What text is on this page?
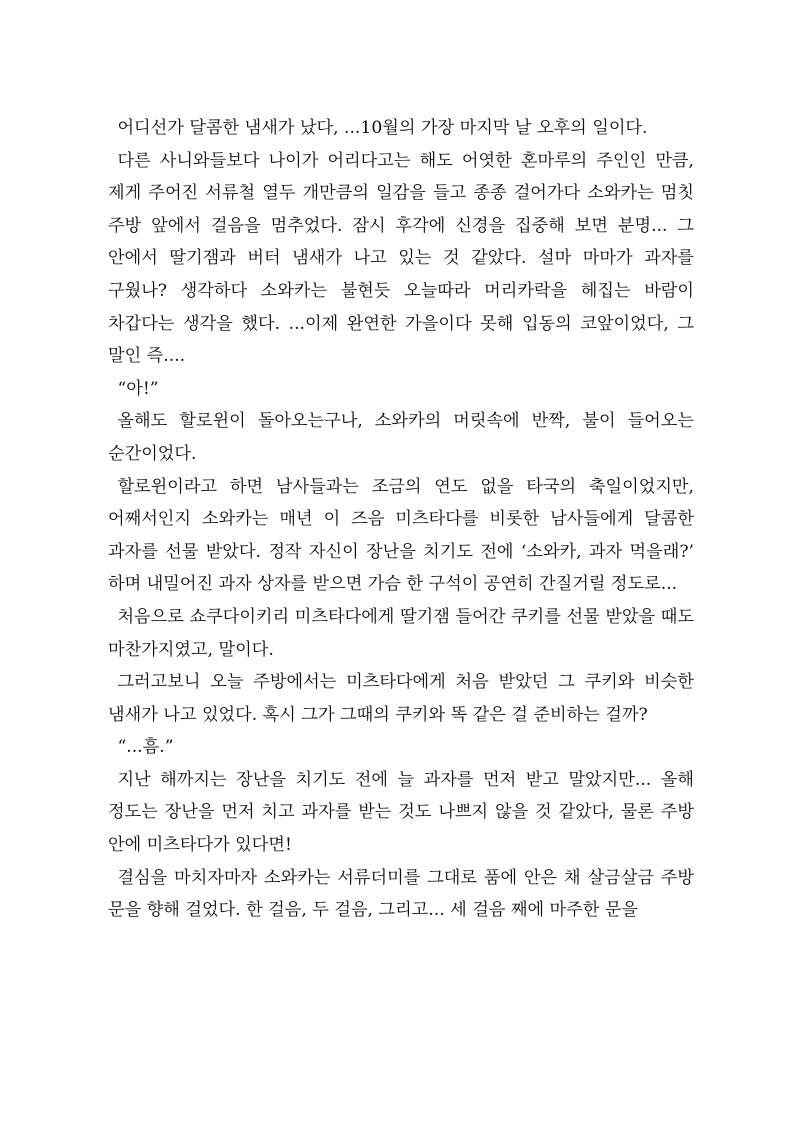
어디선가 달콤한 냄새가 났다, ...10월의 가장 마지막 날 오후의 일이다.

다른 사니와들보다 나이가 어리다고는 해도 어엿한 혼마루의 주인인 만큼, 제게 주어진 서류철 열두 개만큼의 일감을 들고 종종 걸어가다 소와카는 멈칫 주방 앞에서 걸음을 멈추었다. 잠시 후각에 신경을 집중해 보면 분명... 그 안에서 딸기잼과 버터 냄새가 나고 있는 것 같았다. 설마 마마가 과자를 구웠나? 생각하다 소와카는 불현듯 오늘따라 머리카락을 헤집는 바람이 차갑다는 생각을 했다. ...이제 완연한 가을이다 못해 입동의 코앞이었다, 그 말인 즉....

“아!”

올해도 할로윈이 돌아오는구나, 소와카의 머릿속에 반짝, 불이 들어오는 순간이었다.

할로윈이라고 하면 남사들과는 조금의 연도 없을 타국의 축일이었지만, 어째서인지 소와카는 매년 이 즈음 미츠타다를 비롯한 남사들에게 달콤한 과자를 선물 받았다. 정작 자신이 장난을 치기도 전에 ‘소와카, 과자 먹을래?’ 하며 내밀어진 과자 상자를 받으면 가슴 한 구석이 공연히 간질거릴 정도로...

처음으로 쇼쿠다이키리 미츠타다에게 딸기잼 들어간 쿠키를 선물 받았을 때도 마찬가지였고, 말이다.

그러고보니 오늘 주방에서는 미츠타다에게 처음 받았던 그 쿠키와 비슷한 냄새가 나고 있었다. 혹시 그가 그때의 쿠키와 똑 같은 걸 준비하는 걸까?

“...흠.”

지난 해까지는 장난을 치기도 전에 늘 과자를 먼저 받고 말았지만... 올해 정도는 장난을 먼저 치고 과자를 받는 것도 나쁘지 않을 것 같았다, 물론 주방 안에 미츠타다가 있다면!

결심을 마치자마자 소와카는 서류더미를 그대로 품에 안은 채 살금살금 주방 문을 향해 걸었다. 한 걸음, 두 걸음, 그리고... 세 걸음 째에 마주한 문을
